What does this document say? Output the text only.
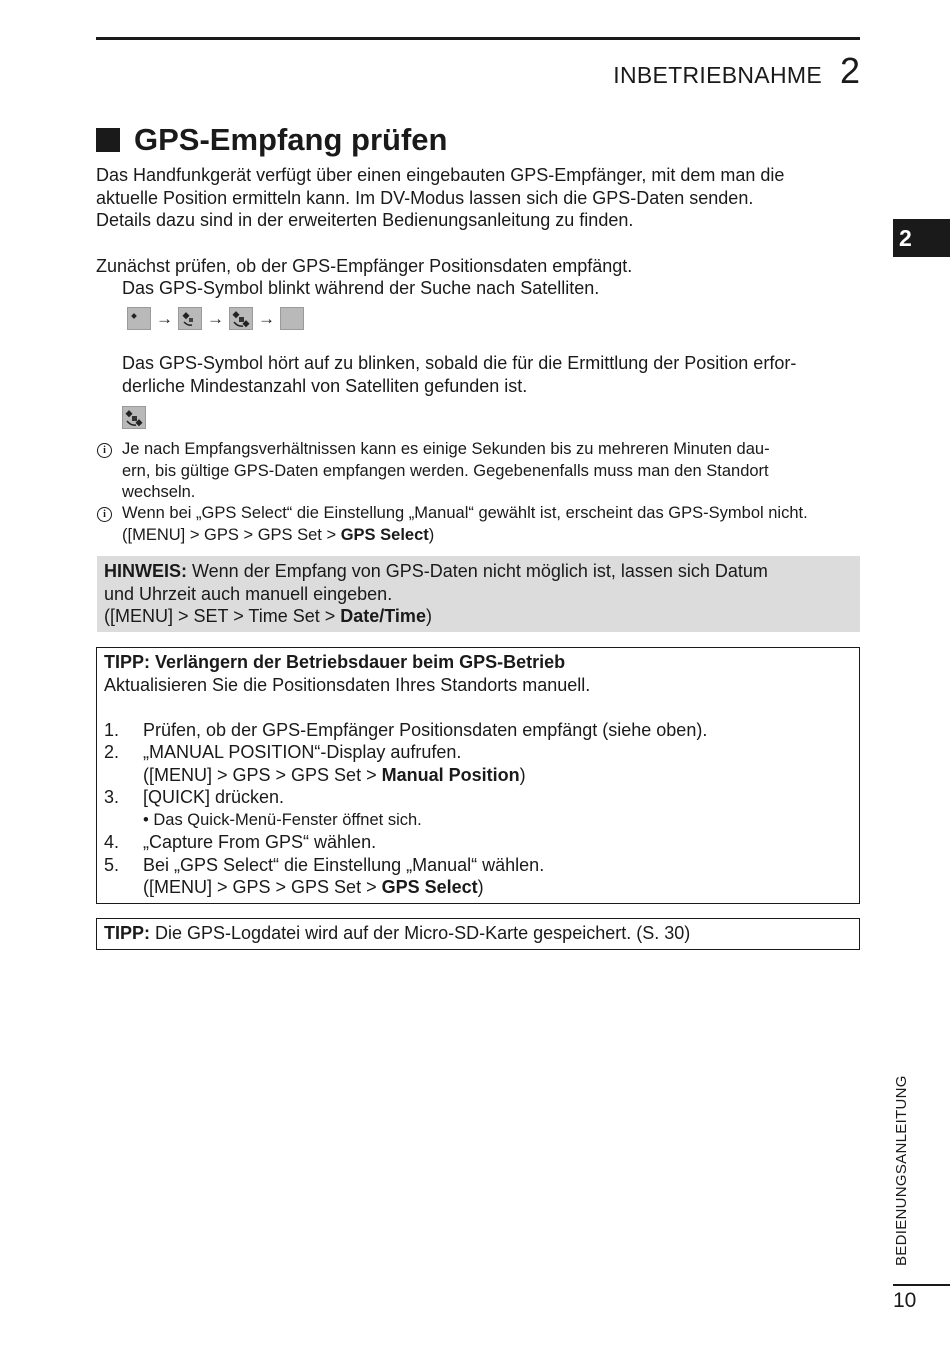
INBETRIEBNAHME 2
2
GPS-Empfang prüfen
Das Handfunkgerät verfügt über einen eingebauten GPS-Empfänger, mit dem man die
aktuelle Position ermitteln kann. Im DV-Modus lassen sich die GPS-Daten senden.
Details dazu sind in der erweiterten Bedienungsanleitung zu finden.
Zunächst prüfen, ob der GPS-Empfänger Positionsdaten empfängt.
Das GPS-Symbol blinkt während der Suche nach Satelliten.
→ → →
Das GPS-Symbol hört auf zu blinken, sobald die für die Ermittlung der Position erfor-
derliche Mindestanzahl von Satelliten gefunden ist.
i Je nach Empfangsverhältnissen kann es einige Sekunden bis zu mehreren Minuten dau-
ern, bis gültige GPS-Daten empfangen werden. Gegebenenfalls muss man den Standort
wechseln.
i Wenn bei „GPS Select“ die Einstellung „Manual“ gewählt ist, erscheint das GPS-Symbol nicht.
([MENU] > GPS > GPS Set > GPS Select)
HINWEIS: Wenn der Empfang von GPS-Daten nicht möglich ist, lassen sich Datum
und Uhrzeit auch manuell eingeben.
([MENU] > SET > Time Set > Date/Time)
TIPP: Verlängern der Betriebsdauer beim GPS-Betrieb
Aktualisieren Sie die Positionsdaten Ihres Standorts manuell.
1.	Prüfen, ob der GPS-Empfänger Positionsdaten empfängt (siehe oben).
2.	„MANUAL POSITION“-Display aufrufen.
([MENU] > GPS > GPS Set > Manual Position)
3.	[QUICK] drücken.
• Das Quick-Menü-Fenster öffnet sich.
4.	„Capture From GPS“ wählen.
5.	Bei „GPS Select“ die Einstellung „Manual“ wählen.
([MENU] > GPS > GPS Set > GPS Select)
TIPP: Die GPS-Logdatei wird auf der Micro-SD-Karte gespeichert. (S. 30)
BEDIENUNGSANLEITUNG
10
